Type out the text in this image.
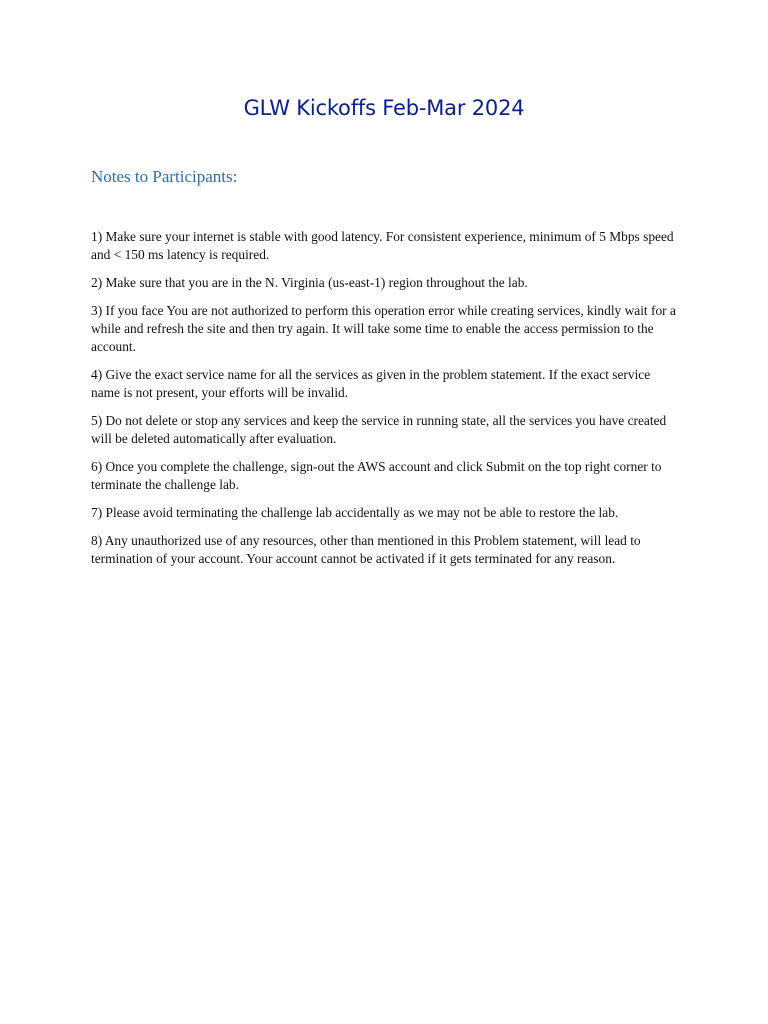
GLW Kickoffs Feb-Mar 2024
Notes to Participants:

1) Make sure your internet is stable with good latency. For consistent experience, minimum of 5 Mbps speed and < 150 ms latency is required.

2) Make sure that you are in the N. Virginia (us-east-1) region throughout the lab.

3) If you face You are not authorized to perform this operation error while creating services, kindly wait for a while and refresh the site and then try again. It will take some time to enable the access permission to the account.

4) Give the exact service name for all the services as given in the problem statement. If the exact service name is not present, your efforts will be invalid.

5) Do not delete or stop any services and keep the service in running state, all the services you have created will be deleted automatically after evaluation.

6) Once you complete the challenge, sign-out the AWS account and click Submit on the top right corner to terminate the challenge lab.

7) Please avoid terminating the challenge lab accidentally as we may not be able to restore the lab.

8) Any unauthorized use of any resources, other than mentioned in this Problem statement, will lead to termination of your account. Your account cannot be activated if it gets terminated for any reason.
